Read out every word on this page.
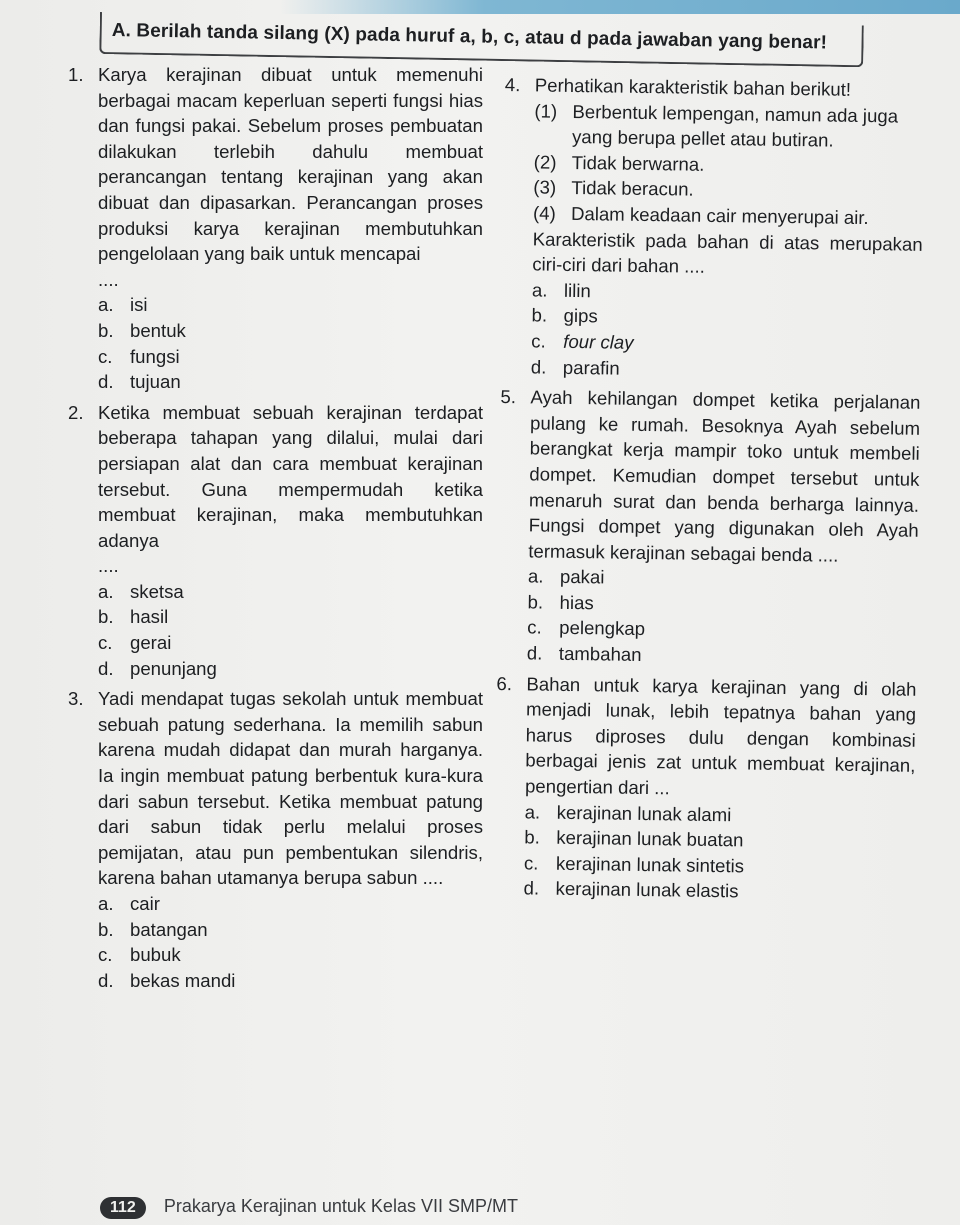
A. Berilah tanda silang (X) pada huruf a, b, c, atau d pada jawaban yang benar!
1. Karya kerajinan dibuat untuk memenuhi berbagai macam keperluan seperti fungsi hias dan fungsi pakai. Sebelum proses pembuatan dilakukan terlebih dahulu membuat perancangan tentang kerajinan yang akan dibuat dan dipasarkan. Perancangan proses produksi karya kerajinan membutuhkan pengelolaan yang baik untuk mencapai
....
a. isi
b. bentuk
c. fungsi
d. tujuan
2. Ketika membuat sebuah kerajinan terdapat beberapa tahapan yang dilalui, mulai dari persiapan alat dan cara membuat kerajinan tersebut. Guna mempermudah ketika membuat kerajinan, maka membutuhkan adanya
....
a. sketsa
b. hasil
c. gerai
d. penunjang
3. Yadi mendapat tugas sekolah untuk membuat sebuah patung sederhana. Ia memilih sabun karena mudah didapat dan murah harganya. Ia ingin membuat patung berbentuk kura-kura dari sabun tersebut. Ketika membuat patung dari sabun tidak perlu melalui proses pemijatan, atau pun pembentukan silendris, karena bahan utamanya berupa sabun ....
a. cair
b. batangan
c. bubuk
d. bekas mandi
4. Perhatikan karakteristik bahan berikut!
(1) Berbentuk lempengan, namun ada juga yang berupa pellet atau butiran.
(2) Tidak berwarna.
(3) Tidak beracun.
(4) Dalam keadaan cair menyerupai air.
Karakteristik pada bahan di atas merupakan ciri-ciri dari bahan ....
a. lilin
b. gips
c. four clay
d. parafin
5. Ayah kehilangan dompet ketika perjalanan pulang ke rumah. Besoknya Ayah sebelum berangkat kerja mampir toko untuk membeli dompet. Kemudian dompet tersebut untuk menaruh surat dan benda berharga lainnya. Fungsi dompet yang digunakan oleh Ayah termasuk kerajinan sebagai benda ....
a. pakai
b. hias
c. pelengkap
d. tambahan
6. Bahan untuk karya kerajinan yang di olah menjadi lunak, lebih tepatnya bahan yang harus diproses dulu dengan kombinasi berbagai jenis zat untuk membuat kerajinan, pengertian dari ...
a. kerajinan lunak alami
b. kerajinan lunak buatan
c. kerajinan lunak sintetis
d. kerajinan lunak elastis
112 Prakarya Kerajinan untuk Kelas VII SMP/MT
